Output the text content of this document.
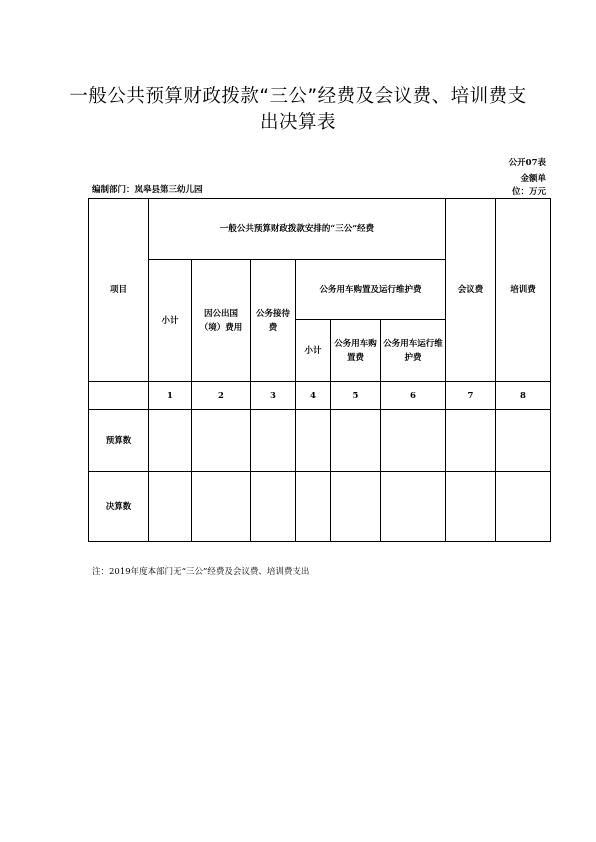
一般公共预算财政拨款“三公”经费及会议费、培训费支出决算表
公开07表
编制部门：岚皋县第三幼儿园
金额单位：万元
项目	一般公共预算财政拨款安排的“三公”经费						会议费	培训费
	小计	因公出国（境）费用	公务接待费	公务用车购置及运行维护费				
				小计	公务用车购置费	公务用车运行维护费		
	1	2	3	4	5	6	7	8
预算数								
决算数								
注：2019年度本部门无“三公”经费及会议费、培训费支出
